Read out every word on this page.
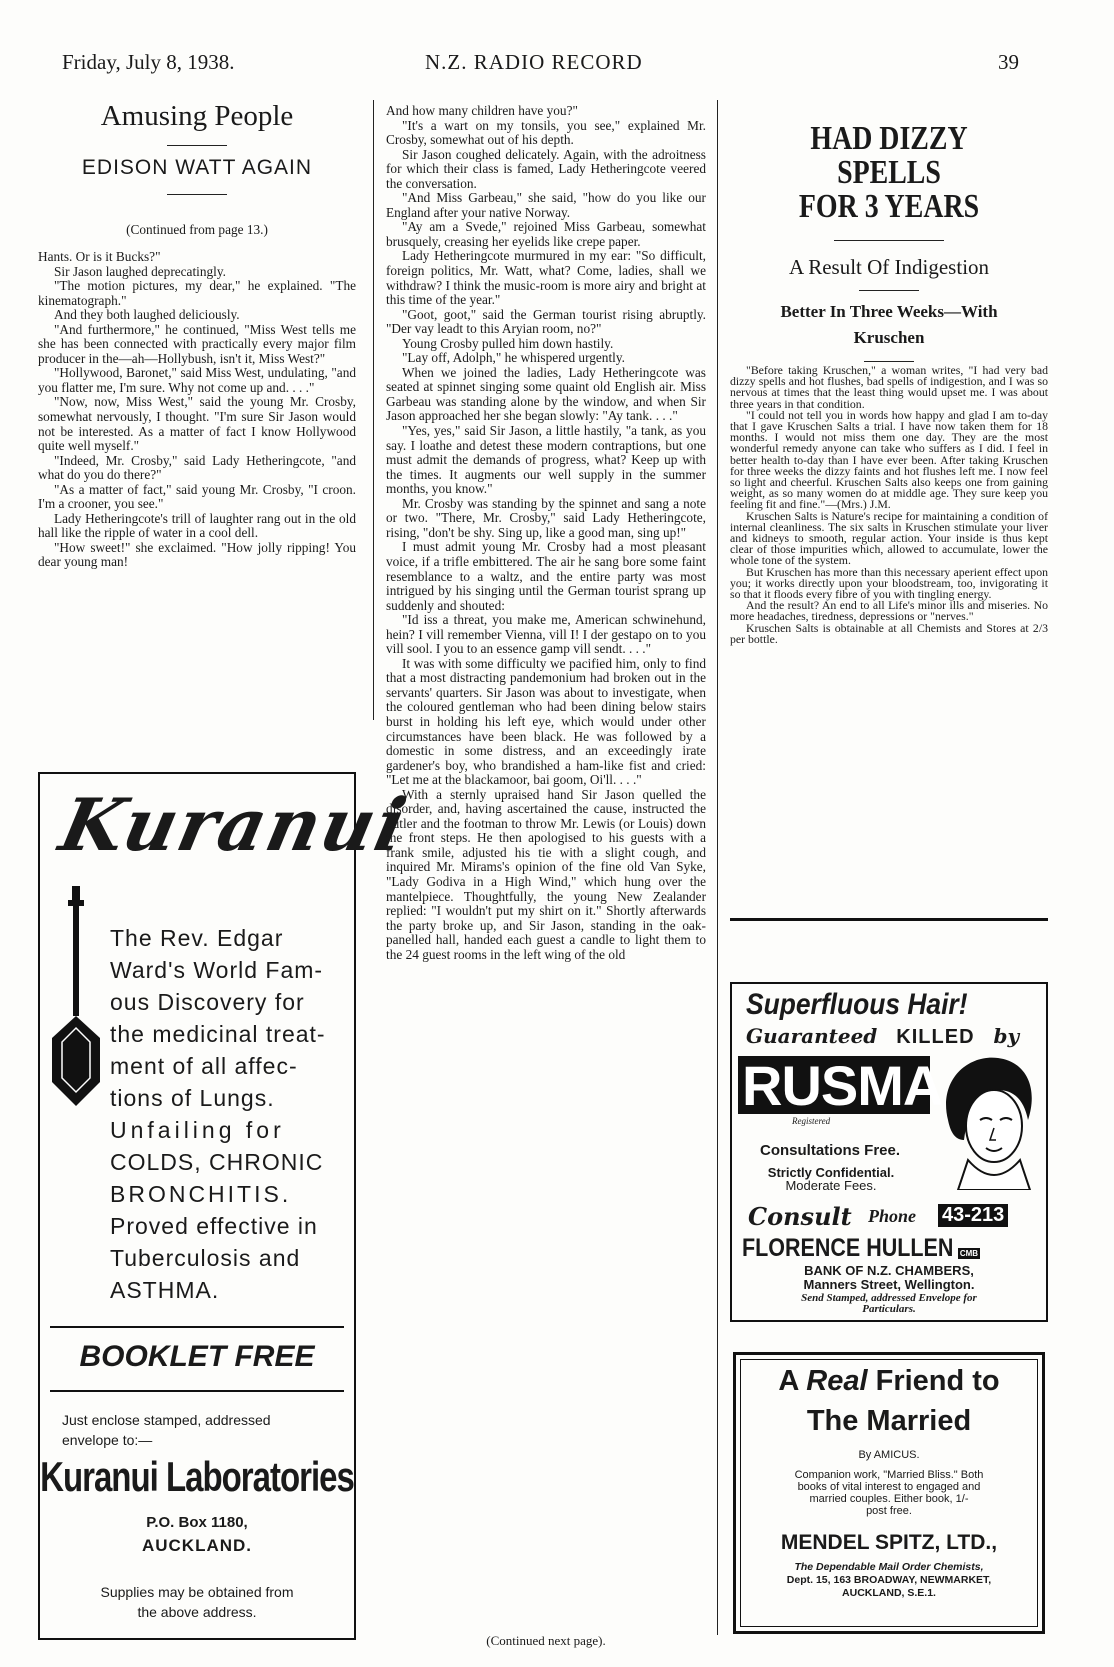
Friday, July 8, 1938.	N.Z. RADIO RECORD	39
Amusing People
EDISON WATT AGAIN
(Continued from page 13.)

Hants. Or is it Bucks?"

Sir Jason laughed deprecatingly.

"The motion pictures, my dear," he explained. "The kinematograph."

And they both laughed deliciously.

"And furthermore," he continued, "Miss West tells me she has been connected with practically every major film producer in the—ah—Hollybush, isn't it, Miss West?"

"Hollywood, Baronet," said Miss West, undulating, "and you flatter me, I'm sure. Why not come up and. . . ."

"Now, now, Miss West," said the young Mr. Crosby, somewhat nervously, I thought. "I'm sure Sir Jason would not be interested. As a matter of fact I know Hollywood quite well myself."

"Indeed, Mr. Crosby," said Lady Hetheringcote, "and what do you do there?"

"As a matter of fact," said young Mr. Crosby, "I croon. I'm a crooner, you see."

Lady Hetheringcote's trill of laughter rang out in the old hall like the ripple of water in a cool dell.

"How sweet!" she exclaimed. "How jolly ripping! You dear young man!

Kuranui
The Rev. Edgar
Ward's World Fam-
ous Discovery for
the medicinal treat-
ment of all affec-
tions of Lungs.
Unfailing for
COLDS, CHRONIC
BRONCHITIS.
Proved effective in
Tuberculosis and
ASTHMA.
BOOKLET FREE
Just enclose stamped, addressed
envelope to:—
Kuranui Laboratories
P.O. Box 1180,
AUCKLAND.
Supplies may be obtained from
the above address.

And how many children have you?"

"It's a wart on my tonsils, you see," explained Mr. Crosby, somewhat out of his depth.

Sir Jason coughed delicately. Again, with the adroitness for which their class is famed, Lady Hetheringcote veered the conversation.

"And Miss Garbeau," she said, "how do you like our England after your native Norway.

"Ay am a Svede," rejoined Miss Garbeau, somewhat brusquely, creasing her eyelids like crepe paper.

Lady Hetheringcote murmured in my ear: "So difficult, foreign politics, Mr. Watt, what? Come, ladies, shall we withdraw? I think the music-room is more airy and bright at this time of the year."

"Goot, goot," said the German tourist rising abruptly. "Der vay leadt to this Aryian room, no?"

Young Crosby pulled him down hastily.

"Lay off, Adolph," he whispered urgently.

When we joined the ladies, Lady Hetheringcote was seated at spinnet singing some quaint old English air. Miss Garbeau was standing alone by the window, and when Sir Jason approached her she began slowly: "Ay tank. . . ."

"Yes, yes," said Sir Jason, a little hastily, "a tank, as you say. I loathe and detest these modern contraptions, but one must admit the demands of progress, what? Keep up with the times. It augments our well supply in the summer months, you know."

Mr. Crosby was standing by the spinnet and sang a note or two. "There, Mr. Crosby," said Lady Hetheringcote, rising, "don't be shy. Sing up, like a good man, sing up!"

I must admit young Mr. Crosby had a most pleasant voice, if a trifle embittered. The air he sang bore some faint resemblance to a waltz, and the entire party was most intrigued by his singing until the German tourist sprang up suddenly and shouted:

"Id iss a threat, you make me, American schwinehund, hein? I vill remember Vienna, vill I! I der gestapo on to you vill sool. I you to an essence gamp vill sendt. . . ."

It was with some difficulty we pacified him, only to find that a most distracting pandemonium had broken out in the servants' quarters. Sir Jason was about to investigate, when the coloured gentleman who had been dining below stairs burst in holding his left eye, which would under other circumstances have been black. He was followed by a domestic in some distress, and an exceedingly irate gardener's boy, who brandished a ham-like fist and cried: "Let me at the blackamoor, bai goom, Oi'll. . . ."

With a sternly upraised hand Sir Jason quelled the disorder, and, having ascertained the cause, instructed the butler and the footman to throw Mr. Lewis (or Louis) down the front steps. He then apologised to his guests with a frank smile, adjusted his tie with a slight cough, and inquired Mr. Mirams's opinion of the fine old Van Syke, "Lady Godiva in a High Wind," which hung over the mantelpiece. Thoughtfully, the young New Zealander replied: "I wouldn't put my shirt on it." Shortly afterwards the party broke up, and Sir Jason, standing in the oak-panelled hall, handed each guest a candle to light them to the 24 guest rooms in the left wing of the old

(Continued next page).
HAD DIZZY SPELLS
FOR 3 YEARS
A Result Of Indigestion
Better In Three Weeks—With
Kruschen

"Before taking Kruschen," a woman writes, "I had very bad dizzy spells and hot flushes, bad spells of indigestion, and I was so nervous at times that the least thing would upset me. I was about three years in that condition.

"I could not tell you in words how happy and glad I am to-day that I gave Kruschen Salts a trial. I have now taken them for 18 months. I would not miss them one day. They are the most wonderful remedy anyone can take who suffers as I did. I feel in better health to-day than I have ever been. After taking Kruschen for three weeks the dizzy faints and hot flushes left me. I now feel so light and cheerful. Kruschen Salts also keeps one from gaining weight, as so many women do at middle age. They sure keep you feeling fit and fine."—(Mrs.) J.M.

Kruschen Salts is Nature's recipe for maintaining a condition of internal cleanliness. The six salts in Kruschen stimulate your liver and kidneys to smooth, regular action. Your inside is thus kept clear of those impurities which, allowed to accumulate, lower the whole tone of the system.

But Kruschen has more than this necessary aperient effect upon you; it works directly upon your bloodstream, too, invigorating it so that it floods every fibre of you with tingling energy.

And the result? An end to all Life's minor ills and miseries. No more headaches, tiredness, depressions or "nerves."

Kruschen Salts is obtainable at all Chemists and Stores at 2/3 per bottle.

Superfluous Hair!
Guaranteed KILLED by
RUSMA
Registered
Consultations Free.
Strictly Confidential.
Moderate Fees.
Consult Phone 43-213
FLORENCE HULLEN CMB
BANK OF N.Z. CHAMBERS,
Manners Street, Wellington.
Send Stamped, addressed Envelope for
Particulars.
A Real Friend to
The Married
By AMICUS.
Companion work, "Married Bliss." Both
books of vital interest to engaged and
married couples. Either book, 1/-
post free.
MENDEL SPITZ, LTD.,
The Dependable Mail Order Chemists,
Dept. 15, 163 BROADWAY, NEWMARKET,
AUCKLAND, S.E.1.
